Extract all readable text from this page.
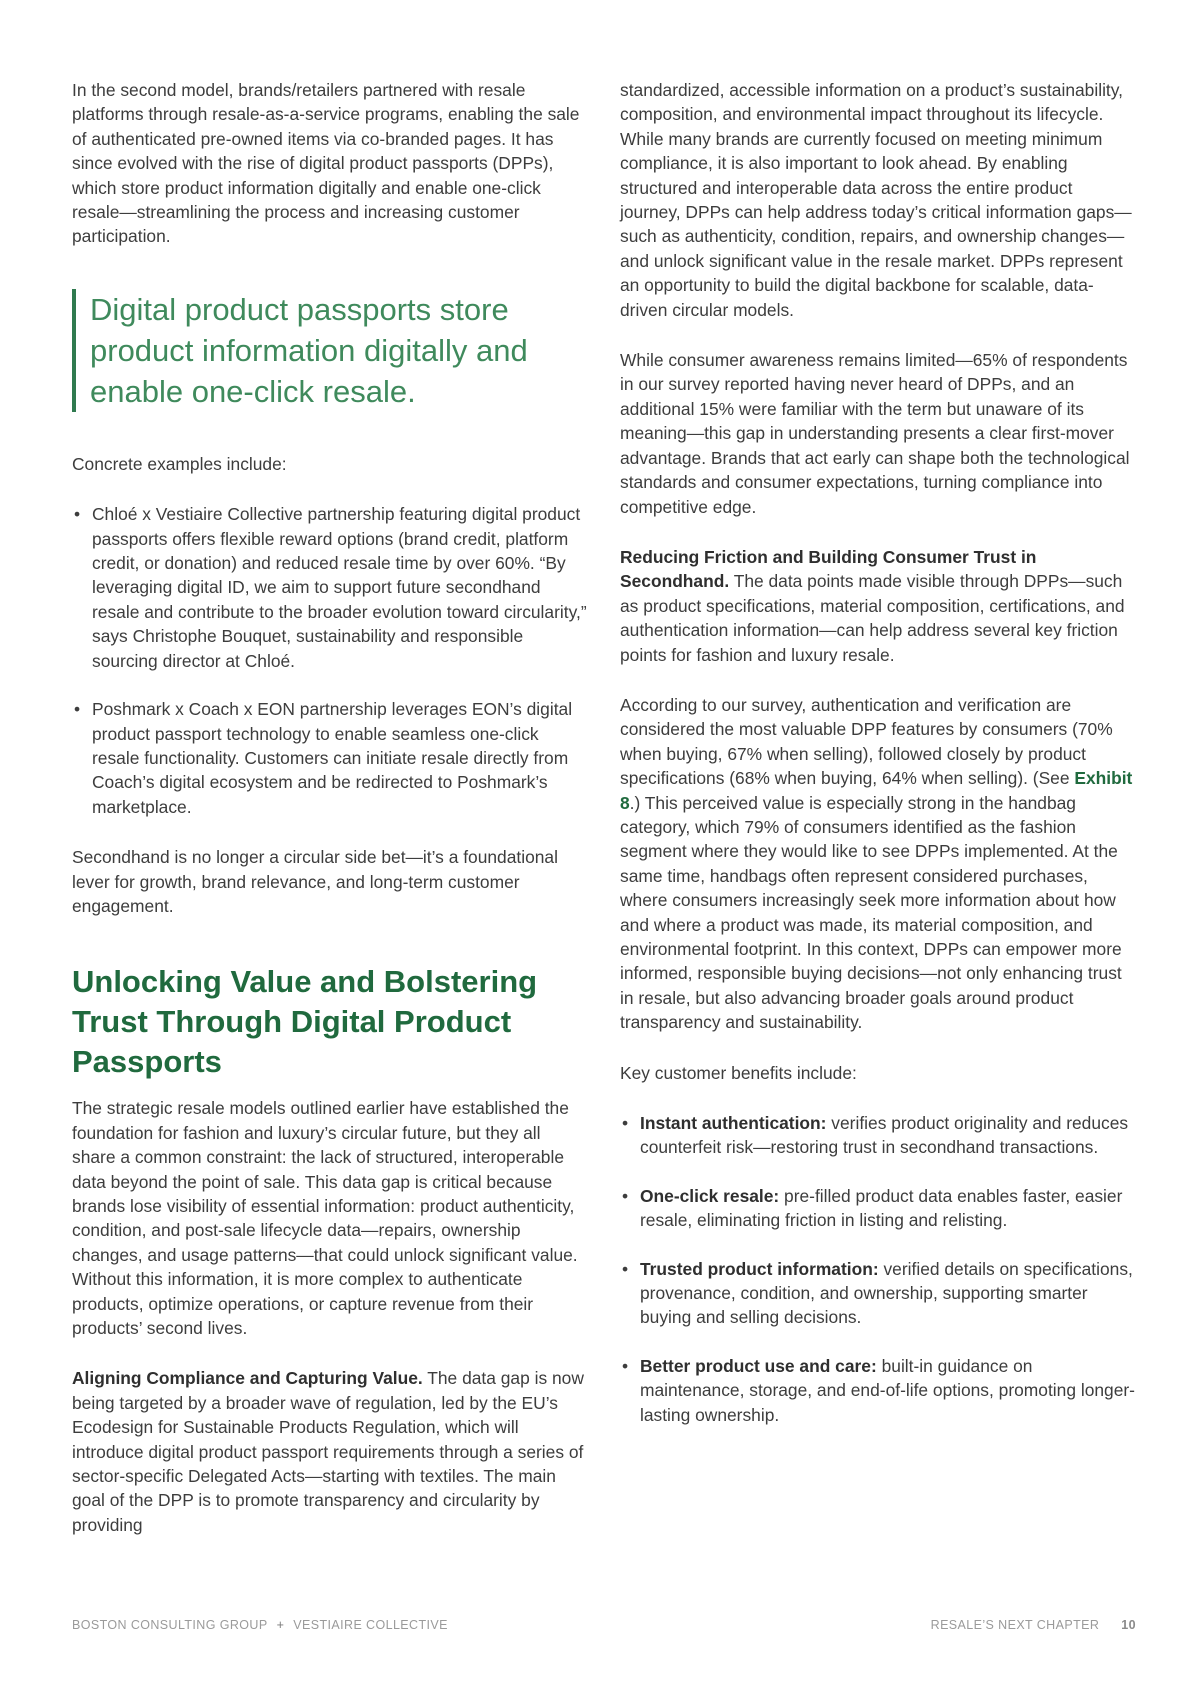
In the second model, brands/retailers partnered with resale platforms through resale-as-a-service programs, enabling the sale of authenticated pre-owned items via co-branded pages. It has since evolved with the rise of digital product passports (DPPs), which store product information digitally and enable one-click resale—streamlining the process and increasing customer participation.

Digital product passports store product information digitally and enable one-click resale.

Concrete examples include:

• Chloé x Vestiaire Collective partnership featuring digital product passports offers flexible reward options (brand credit, platform credit, or donation) and reduced resale time by over 60%. “By leveraging digital ID, we aim to support future secondhand resale and contribute to the broader evolution toward circularity,” says Christophe Bouquet, sustainability and responsible sourcing director at Chloé.
• Poshmark x Coach x EON partnership leverages EON’s digital product passport technology to enable seamless one-click resale functionality. Customers can initiate resale directly from Coach’s digital ecosystem and be redirected to Poshmark’s marketplace.

Secondhand is no longer a circular side bet—it’s a foundational lever for growth, brand relevance, and long-term customer engagement.

Unlocking Value and Bolstering Trust Through Digital Product Passports

The strategic resale models outlined earlier have established the foundation for fashion and luxury’s circular future, but they all share a common constraint: the lack of structured, interoperable data beyond the point of sale. This data gap is critical because brands lose visibility of essential information: product authenticity, condition, and post-sale lifecycle data—repairs, ownership changes, and usage patterns—that could unlock significant value. Without this information, it is more complex to authenticate products, optimize operations, or capture revenue from their products’ second lives.

Aligning Compliance and Capturing Value. The data gap is now being targeted by a broader wave of regulation, led by the EU’s Ecodesign for Sustainable Products Regulation, which will introduce digital product passport requirements through a series of sector-specific Delegated Acts—starting with textiles. The main goal of the DPP is to promote transparency and circularity by providing

standardized, accessible information on a product’s sustainability, composition, and environmental impact throughout its lifecycle. While many brands are currently focused on meeting minimum compliance, it is also important to look ahead. By enabling structured and interoperable data across the entire product journey, DPPs can help address today’s critical information gaps—such as authenticity, condition, repairs, and ownership changes—and unlock significant value in the resale market. DPPs represent an opportunity to build the digital backbone for scalable, data-driven circular models.

While consumer awareness remains limited—65% of respondents in our survey reported having never heard of DPPs, and an additional 15% were familiar with the term but unaware of its meaning—this gap in understanding presents a clear first-mover advantage. Brands that act early can shape both the technological standards and consumer expectations, turning compliance into competitive edge.

Reducing Friction and Building Consumer Trust in Secondhand. The data points made visible through DPPs—such as product specifications, material composition, certifications, and authentication information—can help address several key friction points for fashion and luxury resale.

According to our survey, authentication and verification are considered the most valuable DPP features by consumers (70% when buying, 67% when selling), followed closely by product specifications (68% when buying, 64% when selling). (See Exhibit 8.) This perceived value is especially strong in the handbag category, which 79% of consumers identified as the fashion segment where they would like to see DPPs implemented. At the same time, handbags often represent considered purchases, where consumers increasingly seek more information about how and where a product was made, its material composition, and environmental footprint. In this context, DPPs can empower more informed, responsible buying decisions—not only enhancing trust in resale, but also advancing broader goals around product transparency and sustainability.

Key customer benefits include:

• Instant authentication: verifies product originality and reduces counterfeit risk—restoring trust in secondhand transactions.
• One-click resale: pre-filled product data enables faster, easier resale, eliminating friction in listing and relisting.
• Trusted product information: verified details on specifications, provenance, condition, and ownership, supporting smarter buying and selling decisions.
• Better product use and care: built-in guidance on maintenance, storage, and end-of-life options, promoting longer-lasting ownership.
BOSTON CONSULTING GROUP + VESTIAIRE COLLECTIVE	RESALE’S NEXT CHAPTER 10
